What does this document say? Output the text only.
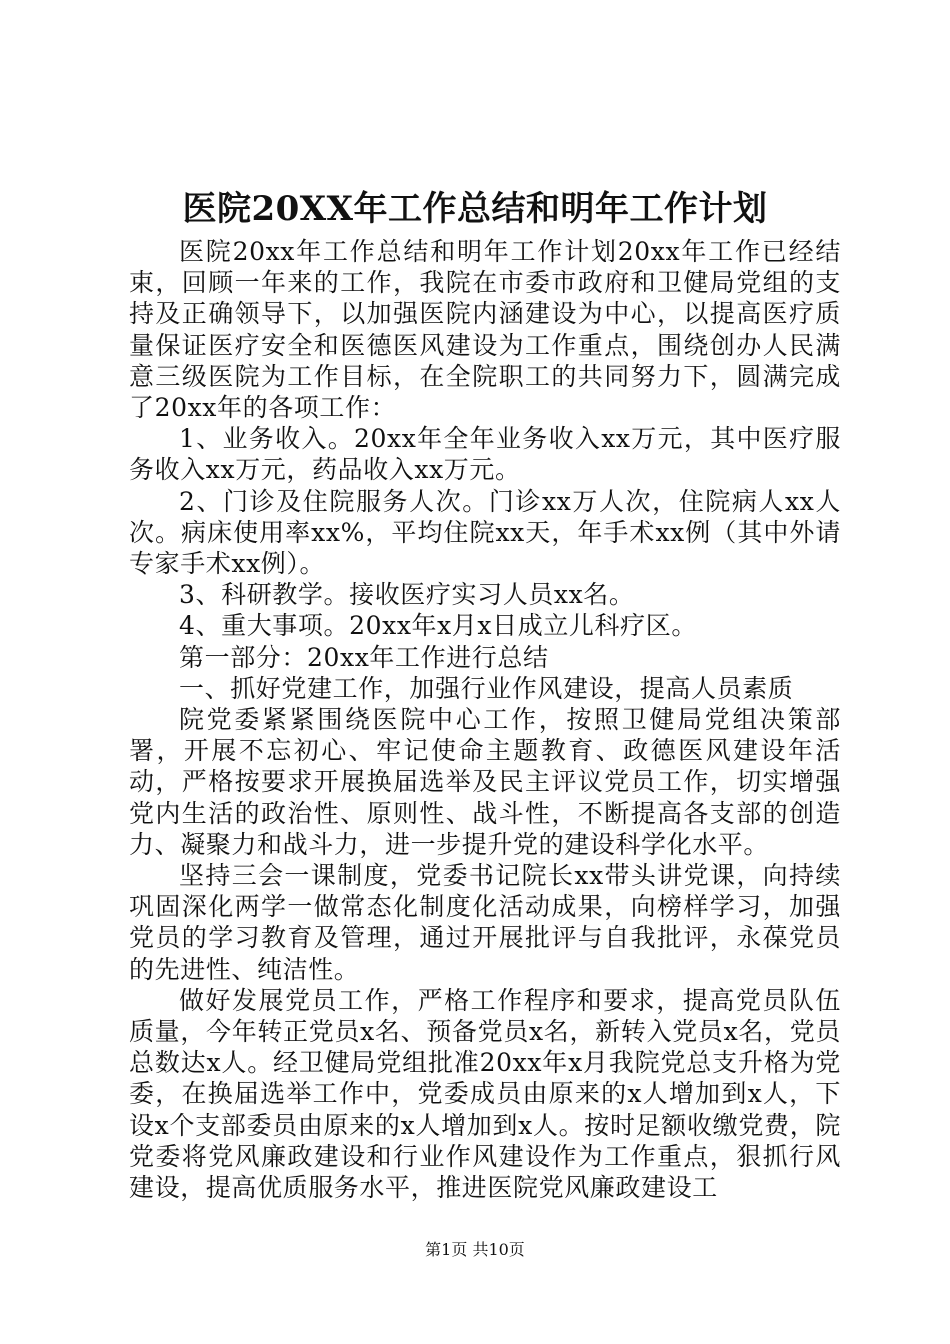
医院20XX年工作总结和明年工作计划

医院20xx年工作总结和明年工作计划20xx年工作已经结束，回顾一年来的工作，我院在市委市政府和卫健局党组的支持及正确领导下，以加强医院内涵建设为中心，以提高医疗质量保证医疗安全和医德医风建设为工作重点，围绕创办人民满意三级医院为工作目标，在全院职工的共同努力下，圆满完成了20xx年的各项工作：

1、业务收入。20xx年全年业务收入xx万元，其中医疗服务收入xx万元，药品收入xx万元。

2、门诊及住院服务人次。门诊xx万人次，住院病人xx人次。病床使用率xx%，平均住院xx天，年手术xx例（其中外请专家手术xx例）。

3、科研教学。接收医疗实习人员xx名。

4、重大事项。20xx年x月x日成立儿科疗区。

第一部分：20xx年工作进行总结

一、抓好党建工作，加强行业作风建设，提高人员素质

院党委紧紧围绕医院中心工作，按照卫健局党组决策部署，开展不忘初心、牢记使命主题教育、政德医风建设年活动，严格按要求开展换届选举及民主评议党员工作，切实增强党内生活的政治性、原则性、战斗性，不断提高各支部的创造力、凝聚力和战斗力，进一步提升党的建设科学化水平。

坚持三会一课制度，党委书记院长xx带头讲党课，向持续巩固深化两学一做常态化制度化活动成果，向榜样学习，加强党员的学习教育及管理，通过开展批评与自我批评，永葆党员的先进性、纯洁性。

做好发展党员工作，严格工作程序和要求，提高党员队伍质量，今年转正党员x名、预备党员x名，新转入党员x名，党员总数达x人。经卫健局党组批准20xx年x月我院党总支升格为党委，在换届选举工作中，党委成员由原来的x人增加到x人，下设x个支部委员由原来的x人增加到x人。按时足额收缴党费，院党委将党风廉政建设和行业作风建设作为工作重点，狠抓行风建设，提高优质服务水平，推进医院党风廉政建设工

第1页 共10页
